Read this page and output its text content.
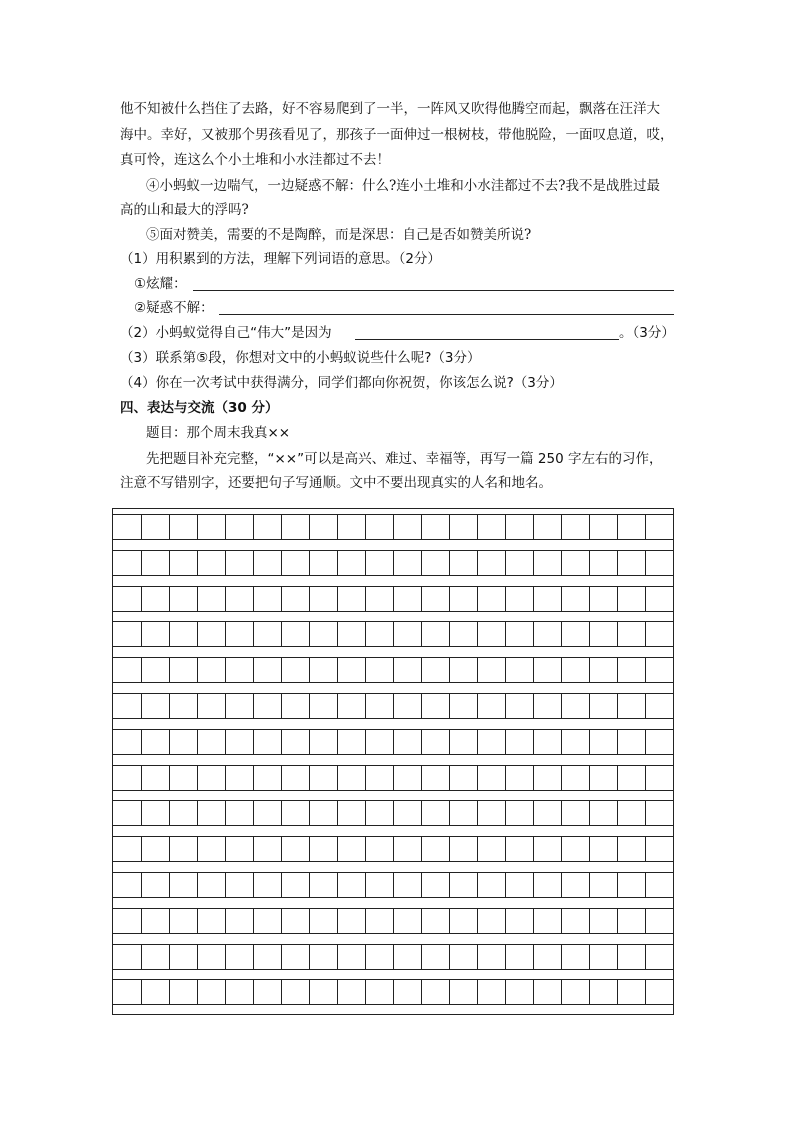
他不知被什么挡住了去路，好不容易爬到了一半，一阵风又吹得他腾空而起，飘落在汪洋大
海中。幸好，又被那个男孩看见了，那孩子一面伸过一根树枝，带他脱险，一面叹息道，哎，
真可怜，连这么个小土堆和小水洼都过不去！
④小蚂蚁一边喘气，一边疑惑不解：什么?连小土堆和小水洼都过不去?我不是战胜过最
高的山和最大的浮吗?
⑤面对赞美，需要的不是陶醉，而是深思：自己是否如赞美所说?
（1）用积累到的方法，理解下列词语的意思。（2分）
①炫耀：
②疑惑不解：
（2）小蚂蚁觉得自己“伟大”是因为	。（3分）
（3）联系第⑤段，你想对文中的小蚂蚁说些什么呢?（3分）
（4）你在一次考试中获得满分，同学们都向你祝贺，你该怎么说?（3分）
四、表达与交流（30 分）
题目：那个周末我真××
先把题目补充完整，“××”可以是高兴、难过、幸福等，再写一篇 250 字左右的习作，
注意不写错别字，还要把句子写通顺。文中不要出现真实的人名和地名。
